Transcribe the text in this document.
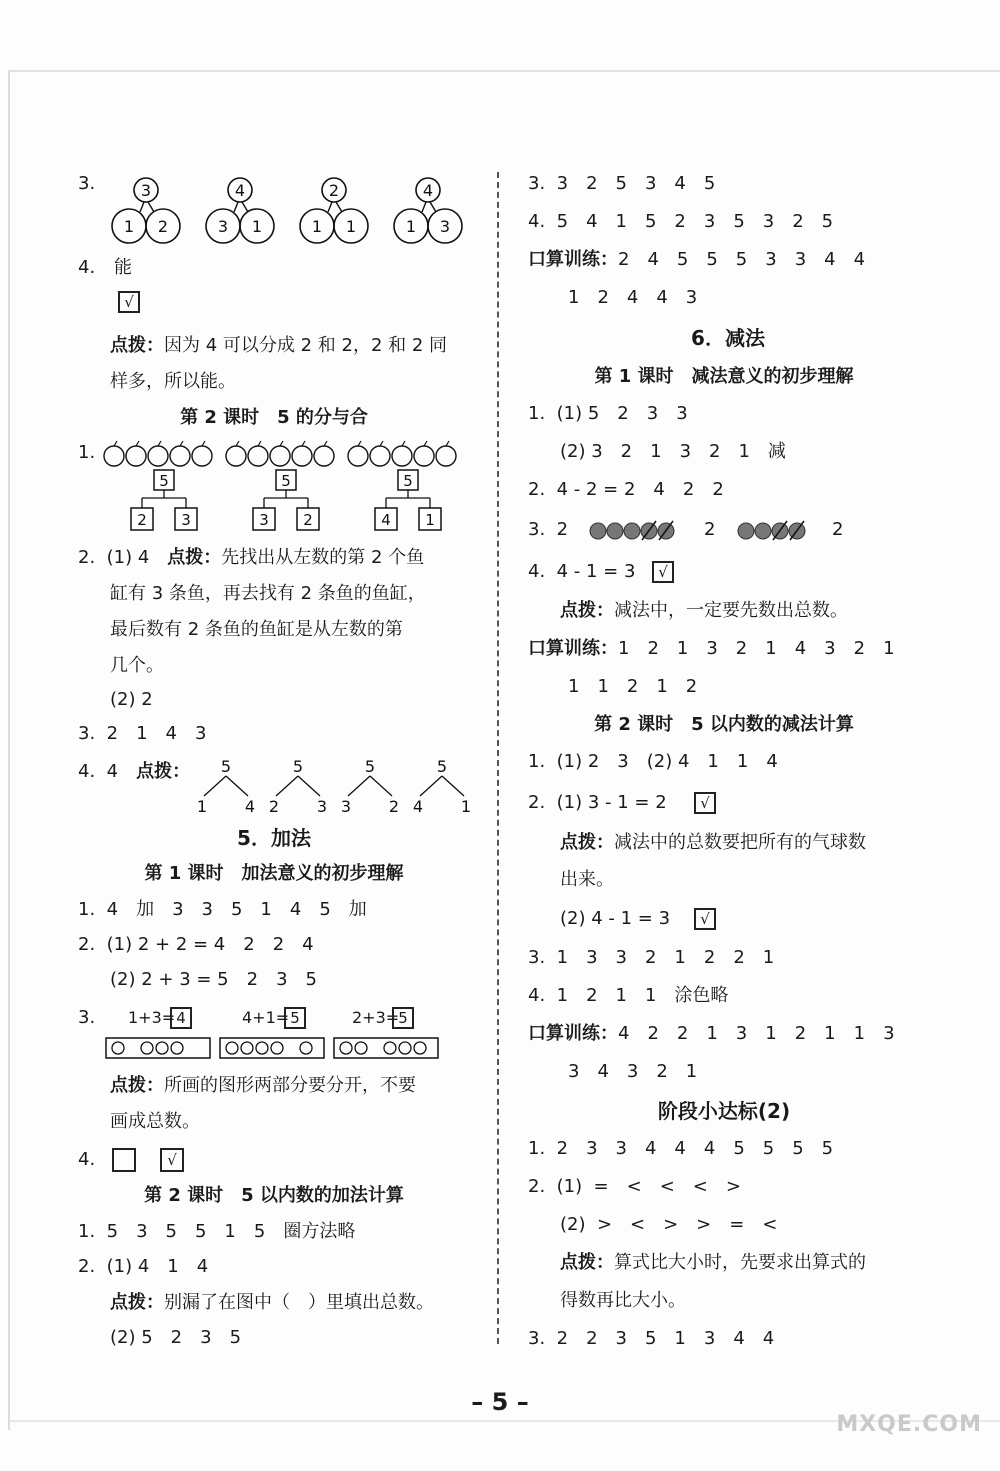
3.	3
1 2
4
3 1
2
1 1
4
1 3
4. 能
√
点拨：因为 4 可以分成 2 和 2，2 和 2 同
样多，所以能。
第 2 课时　5 的分与合
1.
5
2 3
5
3 2
5
4 1
2.  (1) 4　 点拨：先找出从左数的第 2 个鱼
缸有 3 条鱼，再去找有 2 条鱼的鱼缸，
最后数有 2 条鱼的鱼缸是从左数的第
几个。
(2) 2
3.  2　1　4　3
4.  4　 点拨： 5
1 4
5
2 3
5
3 2
5
4 1
5．加法
第 1 课时　加法意义的初步理解
1.  4　加　3　3　5　1　4　5　加
2.  (1) 2 + 2 = 4　2　2　4
(2) 2 + 3 = 5　2　3　5
3. 1+3= 4	4+1= 5	2+3= 5
点拨：所画的图形两部分要分开，不要
画成总数。
4.	√
第 2 课时　5 以内数的加法计算
1.  5　3　5　5　1　5　圈方法略
2.  (1) 4　1　4
点拨：别漏了在图中（　）里填出总数。
(2) 5　2　3　5
3.  3　2　5　3　4　5
4.  5　4　1　5　2　3　5　3　2　5
口算训练：2　4　5　5　5　3　3　4　4
1　2　4　4　3
6．减法
第 1 课时　减法意义的初步理解
1.  (1) 5　2　3　3
(2) 3　2　1　3　2　1　减
2.  4 - 2 = 2　4　2　2
3.  2	2	2
4.  4 - 1 = 3	√
点拨：减法中，一定要先数出总数。
口算训练：1　2　1　3　2　1　4　3　2　1
1　1　2　1　2
第 2 课时　5 以内数的减法计算
1.  (1) 2　3　(2) 4　1　1　4
2.  (1) 3 - 1 = 2	√
点拨：减法中的总数要把所有的气球数
出来。
(2) 4 - 1 = 3	√
3.  1　3　3　2　1　2　2　1
4.  1　2　1　1　涂色略
口算训练：4　2　2　1　3　1　2　1　1　3
3　4　3　2　1
阶段小达标(2)
1.  2　3　3　4　4　4　5　5　5　5
2.  (1)  =　<　<　<　>
(2)  >　<　>　>　=　<
点拨：算式比大小时，先要求出算式的
得数再比大小。
3.  2　2　3　5　1　3　4　4
– 5 –
MXQE.COM
